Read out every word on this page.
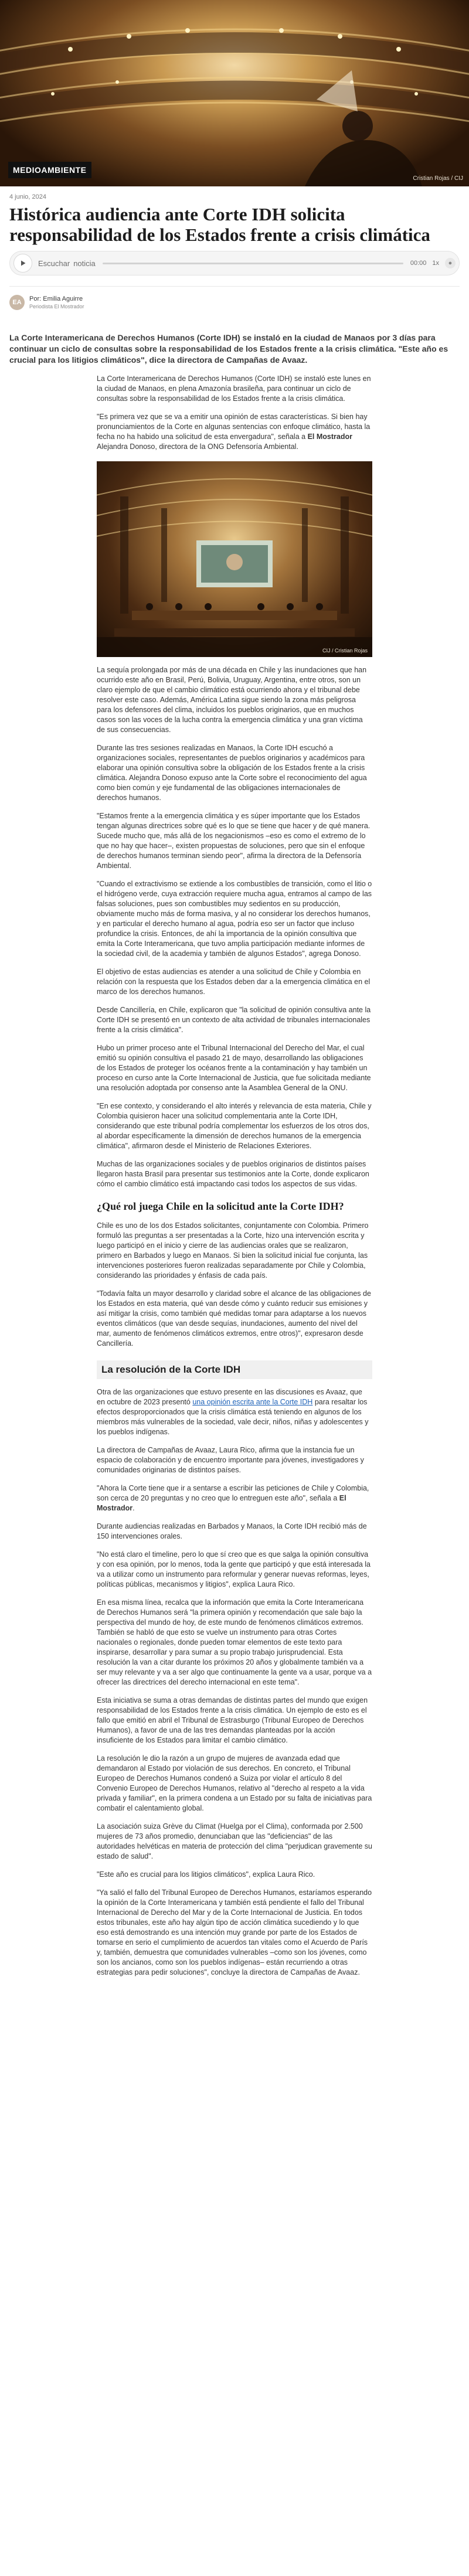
MEDIOAMBIENTE
Cristian Rojas / CIJ
4 junio, 2024
Histórica audiencia ante Corte IDH solicita responsabilidad de los Estados frente a crisis climática
Escuchar noticia	00:00 1x	●
EA	Por: Emilia Aguirre
Periodista El Mostrador

La Corte Interamericana de Derechos Humanos (Corte IDH) se instaló en la ciudad de Manaos por 3 días para continuar un ciclo de consultas sobre la responsabilidad de los Estados frente a la crisis climática. "Este año es crucial para los litigios climáticos", dice la directora de Campañas de Avaaz.

La Corte Interamericana de Derechos Humanos (Corte IDH) se instaló este lunes en la ciudad de Manaos, en plena Amazonía brasileña, para continuar un ciclo de consultas sobre la responsabilidad de los Estados frente a la crisis climática.

"Es primera vez que se va a emitir una opinión de estas características. Si bien hay pronunciamientos de la Corte en algunas sentencias con enfoque climático, hasta la fecha no ha habido una solicitud de esta envergadura", señala a El Mostrador Alejandra Donoso, directora de la ONG Defensoría Ambiental.

CIJ / Cristian Rojas

La sequía prolongada por más de una década en Chile y las inundaciones que han ocurrido este año en Brasil, Perú, Bolivia, Uruguay, Argentina, entre otros, son un claro ejemplo de que el cambio climático está ocurriendo ahora y el tribunal debe resolver este caso. Además, América Latina sigue siendo la zona más peligrosa para los defensores del clima, incluidos los pueblos originarios, que en muchos casos son las voces de la lucha contra la emergencia climática y una gran víctima de sus consecuencias.

Durante las tres sesiones realizadas en Manaos, la Corte IDH escuchó a organizaciones sociales, representantes de pueblos originarios y académicos para elaborar una opinión consultiva sobre la obligación de los Estados frente a la crisis climática. Alejandra Donoso expuso ante la Corte sobre el reconocimiento del agua como bien común y eje fundamental de las obligaciones internacionales de derechos humanos.

"Estamos frente a la emergencia climática y es súper importante que los Estados tengan algunas directrices sobre qué es lo que se tiene que hacer y de qué manera. Sucede mucho que, más allá de los negacionismos –eso es como el extremo de lo que no hay que hacer–, existen propuestas de soluciones, pero que sin el enfoque de derechos humanos terminan siendo peor", afirma la directora de la Defensoría Ambiental.

"Cuando el extractivismo se extiende a los combustibles de transición, como el litio o el hidrógeno verde, cuya extracción requiere mucha agua, entramos al campo de las falsas soluciones, pues son combustibles muy sedientos en su producción, obviamente mucho más de forma masiva, y al no considerar los derechos humanos, y en particular el derecho humano al agua, podría eso ser un factor que incluso profundice la crisis. Entonces, de ahí la importancia de la opinión consultiva que emita la Corte Interamericana, que tuvo amplia participación mediante informes de la sociedad civil, de la academia y también de algunos Estados", agrega Donoso.

El objetivo de estas audiencias es atender a una solicitud de Chile y Colombia en relación con la respuesta que los Estados deben dar a la emergencia climática en el marco de los derechos humanos.

Desde Cancillería, en Chile, explicaron que "la solicitud de opinión consultiva ante la Corte IDH se presentó en un contexto de alta actividad de tribunales internacionales frente a la crisis climática".

Hubo un primer proceso ante el Tribunal Internacional del Derecho del Mar, el cual emitió su opinión consultiva el pasado 21 de mayo, desarrollando las obligaciones de los Estados de proteger los océanos frente a la contaminación y hay también un proceso en curso ante la Corte Internacional de Justicia, que fue solicitada mediante una resolución adoptada por consenso ante la Asamblea General de la ONU.

"En ese contexto, y considerando el alto interés y relevancia de esta materia, Chile y Colombia quisieron hacer una solicitud complementaria ante la Corte IDH, considerando que este tribunal podría complementar los esfuerzos de los otros dos, al abordar específicamente la dimensión de derechos humanos de la emergencia climática", afirmaron desde el Ministerio de Relaciones Exteriores.

Muchas de las organizaciones sociales y de pueblos originarios de distintos países llegaron hasta Brasil para presentar sus testimonios ante la Corte, donde explicaron cómo el cambio climático está impactando casi todos los aspectos de sus vidas.

¿Qué rol juega Chile en la solicitud ante la Corte IDH?

Chile es uno de los dos Estados solicitantes, conjuntamente con Colombia. Primero formuló las preguntas a ser presentadas a la Corte, hizo una intervención escrita y luego participó en el inicio y cierre de las audiencias orales que se realizaron, primero en Barbados y luego en Manaos. Si bien la solicitud inicial fue conjunta, las intervenciones posteriores fueron realizadas separadamente por Chile y Colombia, considerando las prioridades y énfasis de cada país.

"Todavía falta un mayor desarrollo y claridad sobre el alcance de las obligaciones de los Estados en esta materia, qué van desde cómo y cuánto reducir sus emisiones y así mitigar la crisis, como también qué medidas tomar para adaptarse a los nuevos eventos climáticos (que van desde sequías, inundaciones, aumento del nivel del mar, aumento de fenómenos climáticos extremos, entre otros)", expresaron desde Cancillería.

La resolución de la Corte IDH

Otra de las organizaciones que estuvo presente en las discusiones es Avaaz, que en octubre de 2023 presentó una opinión escrita ante la Corte IDH para resaltar los efectos desproporcionados que la crisis climática está teniendo en algunos de los miembros más vulnerables de la sociedad, vale decir, niños, niñas y adolescentes y los pueblos indígenas.

La directora de Campañas de Avaaz, Laura Rico, afirma que la instancia fue un espacio de colaboración y de encuentro importante para jóvenes, investigadores y comunidades originarias de distintos países.

"Ahora la Corte tiene que ir a sentarse a escribir las peticiones de Chile y Colombia, son cerca de 20 preguntas y no creo que lo entreguen este año", señala a El Mostrador.

Durante audiencias realizadas en Barbados y Manaos, la Corte IDH recibió más de 150 intervenciones orales.

"No está claro el timeline, pero lo que sí creo que es que salga la opinión consultiva y con esa opinión, por lo menos, toda la gente que participó y que está interesada la va a utilizar como un instrumento para reformular y generar nuevas reformas, leyes, políticas públicas, mecanismos y litigios", explica Laura Rico.

En esa misma línea, recalca que la información que emita la Corte Interamericana de Derechos Humanos será "la primera opinión y recomendación que sale bajo la perspectiva del mundo de hoy, de este mundo de fenómenos climáticos extremos. También se habló de que esto se vuelve un instrumento para otras Cortes nacionales o regionales, donde pueden tomar elementos de este texto para inspirarse, desarrollar y para sumar a su propio trabajo jurisprudencial. Esta resolución la van a citar durante los próximos 20 años y globalmente también va a ser muy relevante y va a ser algo que continuamente la gente va a usar, porque va a ofrecer las directrices del derecho internacional en este tema".

Esta iniciativa se suma a otras demandas de distintas partes del mundo que exigen responsabilidad de los Estados frente a la crisis climática. Un ejemplo de esto es el fallo que emitió en abril el Tribunal de Estrasburgo (Tribunal Europeo de Derechos Humanos), a favor de una de las tres demandas planteadas por la acción insuficiente de los Estados para limitar el cambio climático.

La resolución le dio la razón a un grupo de mujeres de avanzada edad que demandaron al Estado por violación de sus derechos. En concreto, el Tribunal Europeo de Derechos Humanos condenó a Suiza por violar el artículo 8 del Convenio Europeo de Derechos Humanos, relativo al "derecho al respeto a la vida privada y familiar", en la primera condena a un Estado por su falta de iniciativas para combatir el calentamiento global.

La asociación suiza Grève du Climat (Huelga por el Clima), conformada por 2.500 mujeres de 73 años promedio, denunciaban que las "deficiencias" de las autoridades helvéticas en materia de protección del clima "perjudican gravemente su estado de salud".

"Este año es crucial para los litigios climáticos", explica Laura Rico.

"Ya salió el fallo del Tribunal Europeo de Derechos Humanos, estaríamos esperando la opinión de la Corte Interamericana y también está pendiente el fallo del Tribunal Internacional de Derecho del Mar y de la Corte Internacional de Justicia. En todos estos tribunales, este año hay algún tipo de acción climática sucediendo y lo que eso está demostrando es una intención muy grande por parte de los Estados de tomarse en serio el cumplimiento de acuerdos tan vitales como el Acuerdo de París y, también, demuestra que comunidades vulnerables –como son los jóvenes, como son los ancianos, como son los pueblos indígenas– están recurriendo a otras estrategias para pedir soluciones", concluye la directora de Campañas de Avaaz.
